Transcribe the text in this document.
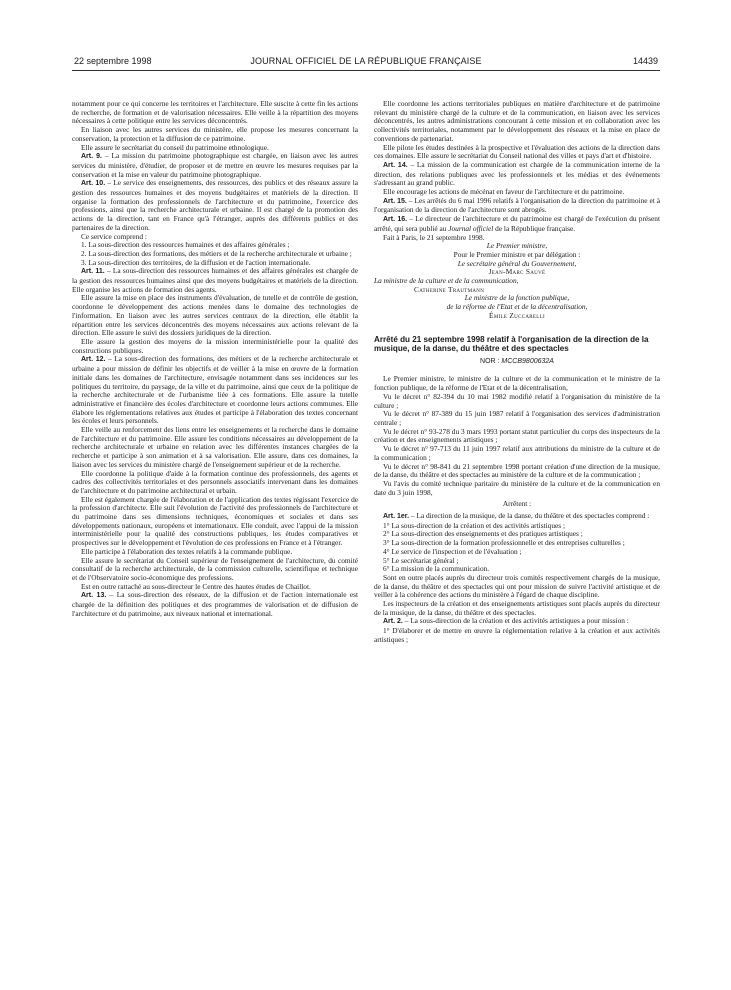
22 septembre 1998	JOURNAL OFFICIEL DE LA RÉPUBLIQUE FRANÇAISE	14439

notamment pour ce qui concerne les territoires et l'architecture. Elle suscite à cette fin les actions de recherche, de formation et de valorisation nécessaires. Elle veille à la répartition des moyens nécessaires à cette politique entre les services déconcentrés.

En liaison avec les autres services du ministère, elle propose les mesures concernant la conservation, la protection et la diffusion de ce patrimoine.

Elle assure le secrétariat du conseil du patrimoine ethnologique.

Art. 9. – La mission du patrimoine photographique est chargée, en liaison avec les autres services du ministère, d'étudier, de proposer et de mettre en œuvre les mesures requises par la conservation et la mise en valeur du patrimoine photographique.

Art. 10. – Le service des enseignements, des ressources, des publics et des réseaux assure la gestion des ressources humaines et des moyens budgétaires et matériels de la direction. Il organise la formation des professionnels de l'architecture et du patrimoine, l'exercice des professions, ainsi que la recherche architecturale et urbaine. Il est chargé de la promotion des actions de la direction, tant en France qu'à l'étranger, auprès des différents publics et des partenaires de la direction.

Ce service comprend :

1. La sous-direction des ressources humaines et des affaires générales ;

2. La sous-direction des formations, des métiers et de la recherche architecturale et urbaine ;

3. La sous-direction des territoires, de la diffusion et de l'action internationale.

Art. 11. – La sous-direction des ressources humaines et des affaires générales est chargée de la gestion des ressources humaines ainsi que des moyens budgétaires et matériels de la direction. Elle organise les actions de formation des agents.

Elle assure la mise en place des instruments d'évaluation, de tutelle et de contrôle de gestion, coordonne le développement des actions menées dans le domaine des technologies de l'information. En liaison avec les autres services centraux de la direction, elle établit la répartition entre les services déconcentrés des moyens nécessaires aux actions relevant de la direction. Elle assure le suivi des dossiers juridiques de la direction.

Elle assure la gestion des moyens de la mission interministérielle pour la qualité des constructions publiques.

Art. 12. – La sous-direction des formations, des métiers et de la recherche architecturale et urbaine a pour mission de définir les objectifs et de veiller à la mise en œuvre de la formation initiale dans les domaines de l'architecture, envisagée notamment dans ses incidences sur les politiques du territoire, du paysage, de la ville et du patrimoine, ainsi que ceux de la politique de la recherche architecturale et de l'urbanisme liée à ces formations. Elle assure la tutelle administrative et financière des écoles d'architecture et coordonne leurs actions communes. Elle élabore les réglementations relatives aux études et participe à l'élaboration des textes concernant les écoles et leurs personnels.

Elle veille au renforcement des liens entre les enseignements et la recherche dans le domaine de l'architecture et du patrimoine. Elle assure les conditions nécessaires au développement de la recherche architecturale et urbaine en relation avec les différentes instances chargées de la recherche et participe à son animation et à sa valorisation. Elle assure, dans ces domaines, la liaison avec les services du ministère chargé de l'enseignement supérieur et de la recherche.

Elle coordonne la politique d'aide à la formation continue des professionnels, des agents et cadres des collectivités territoriales et des personnels associatifs intervenant dans les domaines de l'architecture et du patrimoine architectural et urbain.

Elle est également chargée de l'élaboration et de l'application des textes régissant l'exercice de la profession d'architecte. Elle suit l'évolution de l'activité des professionnels de l'architecture et du patrimoine dans ses dimensions techniques, économiques et sociales et dans ses développements nationaux, européens et internationaux. Elle conduit, avec l'appui de la mission interministérielle pour la qualité des constructions publiques, les études comparatives et prospectives sur le développement et l'évolution de ces professions en France et à l'étranger.

Elle participe à l'élaboration des textes relatifs à la commande publique.

Elle assure le secrétariat du Conseil supérieur de l'enseignement de l'architecture, du comité consultatif de la recherche architecturale, de la commission culturelle, scientifique et technique et de l'Observatoire socio-économique des professions.

Est en outre rattaché au sous-directeur le Centre des hautes études de Chaillot.

Art. 13. – La sous-direction des réseaux, de la diffusion et de l'action internationale est chargée de la définition des politiques et des programmes de valorisation et de diffusion de l'architecture et du patrimoine, aux niveaux national et international.

Elle coordonne les actions territoriales publiques en matière d'architecture et de patrimoine relevant du ministère chargé de la culture et de la communication, en liaison avec les services déconcentrés, les autres administrations concourant à cette mission et en collaboration avec les collectivités territoriales, notamment par le développement des réseaux et la mise en place de conventions de partenariat.

Elle pilote les études destinées à la prospective et l'évaluation des actions de la direction dans ces domaines. Elle assure le secrétariat du Conseil national des villes et pays d'art et d'histoire.

Art. 14. – La mission de la communication est chargée de la communication interne de la direction, des relations publiques avec les professionnels et les médias et des événements s'adressant au grand public.

Elle encourage les actions de mécénat en faveur de l'architecture et du patrimoine.

Art. 15. – Les arrêtés du 6 mai 1996 relatifs à l'organisation de la direction du patrimoine et à l'organisation de la direction de l'architecture sont abrogés.

Art. 16. – Le directeur de l'architecture et du patrimoine est chargé de l'exécution du présent arrêté, qui sera publié au Journal officiel de la République française.

Fait à Paris, le 21 septembre 1998.

Le Premier ministre,

Pour le Premier ministre et par délégation :

Le secrétaire général du Gouvernement,

Jean-Marc Sauvé

La ministre de la culture et de la communication,

Catherine Trautmann

Le ministre de la fonction publique,

de la réforme de l'Etat et de la décentralisation,

Émile Zuccarelli

Arrêté du 21 septembre 1998 relatif à l'organisation de la direction de la musique, de la danse, du théâtre et des spectacles
NOR : MCCB9800632A

Le Premier ministre, le ministre de la culture et de la communication et le ministre de la fonction publique, de la réforme de l'Etat et de la décentralisation,

Vu le décret n° 82-394 du 10 mai 1982 modifié relatif à l'organisation du ministère de la culture ;

Vu le décret n° 87-389 du 15 juin 1987 relatif à l'organisation des services d'administration centrale ;

Vu le décret n° 93-278 du 3 mars 1993 portant statut particulier du corps des inspecteurs de la création et des enseignements artistiques ;

Vu le décret n° 97-713 du 11 juin 1997 relatif aux attributions du ministre de la culture et de la communication ;

Vu le décret n° 98-841 du 21 septembre 1998 portant création d'une direction de la musique, de la danse, du théâtre et des spectacles au ministère de la culture et de la communication ;

Vu l'avis du comité technique paritaire du ministère de la culture et de la communication en date du 3 juin 1998,

Arrêtent :

Art. 1er. – La direction de la musique, de la danse, du théâtre et des spectacles comprend :

1° La sous-direction de la création et des activités artistiques ;

2° La sous-direction des enseignements et des pratiques artistiques ;

3° La sous-direction de la formation professionnelle et des entreprises culturelles ;

4° Le service de l'inspection et de l'évaluation ;

5° Le secrétariat général ;

6° La mission de la communication.

Sont en outre placés auprès du directeur trois comités respectivement chargés de la musique, de la danse, du théâtre et des spectacles qui ont pour mission de suivre l'activité artistique et de veiller à la cohérence des actions du ministère à l'égard de chaque discipline.

Les inspecteurs de la création et des enseignements artistiques sont placés auprès du directeur de la musique, de la danse, du théâtre et des spectacles.

Art. 2. – La sous-direction de la création et des activités artistiques a pour mission :

1° D'élaborer et de mettre en œuvre la réglementation relative à la création et aux activités artistiques ;
